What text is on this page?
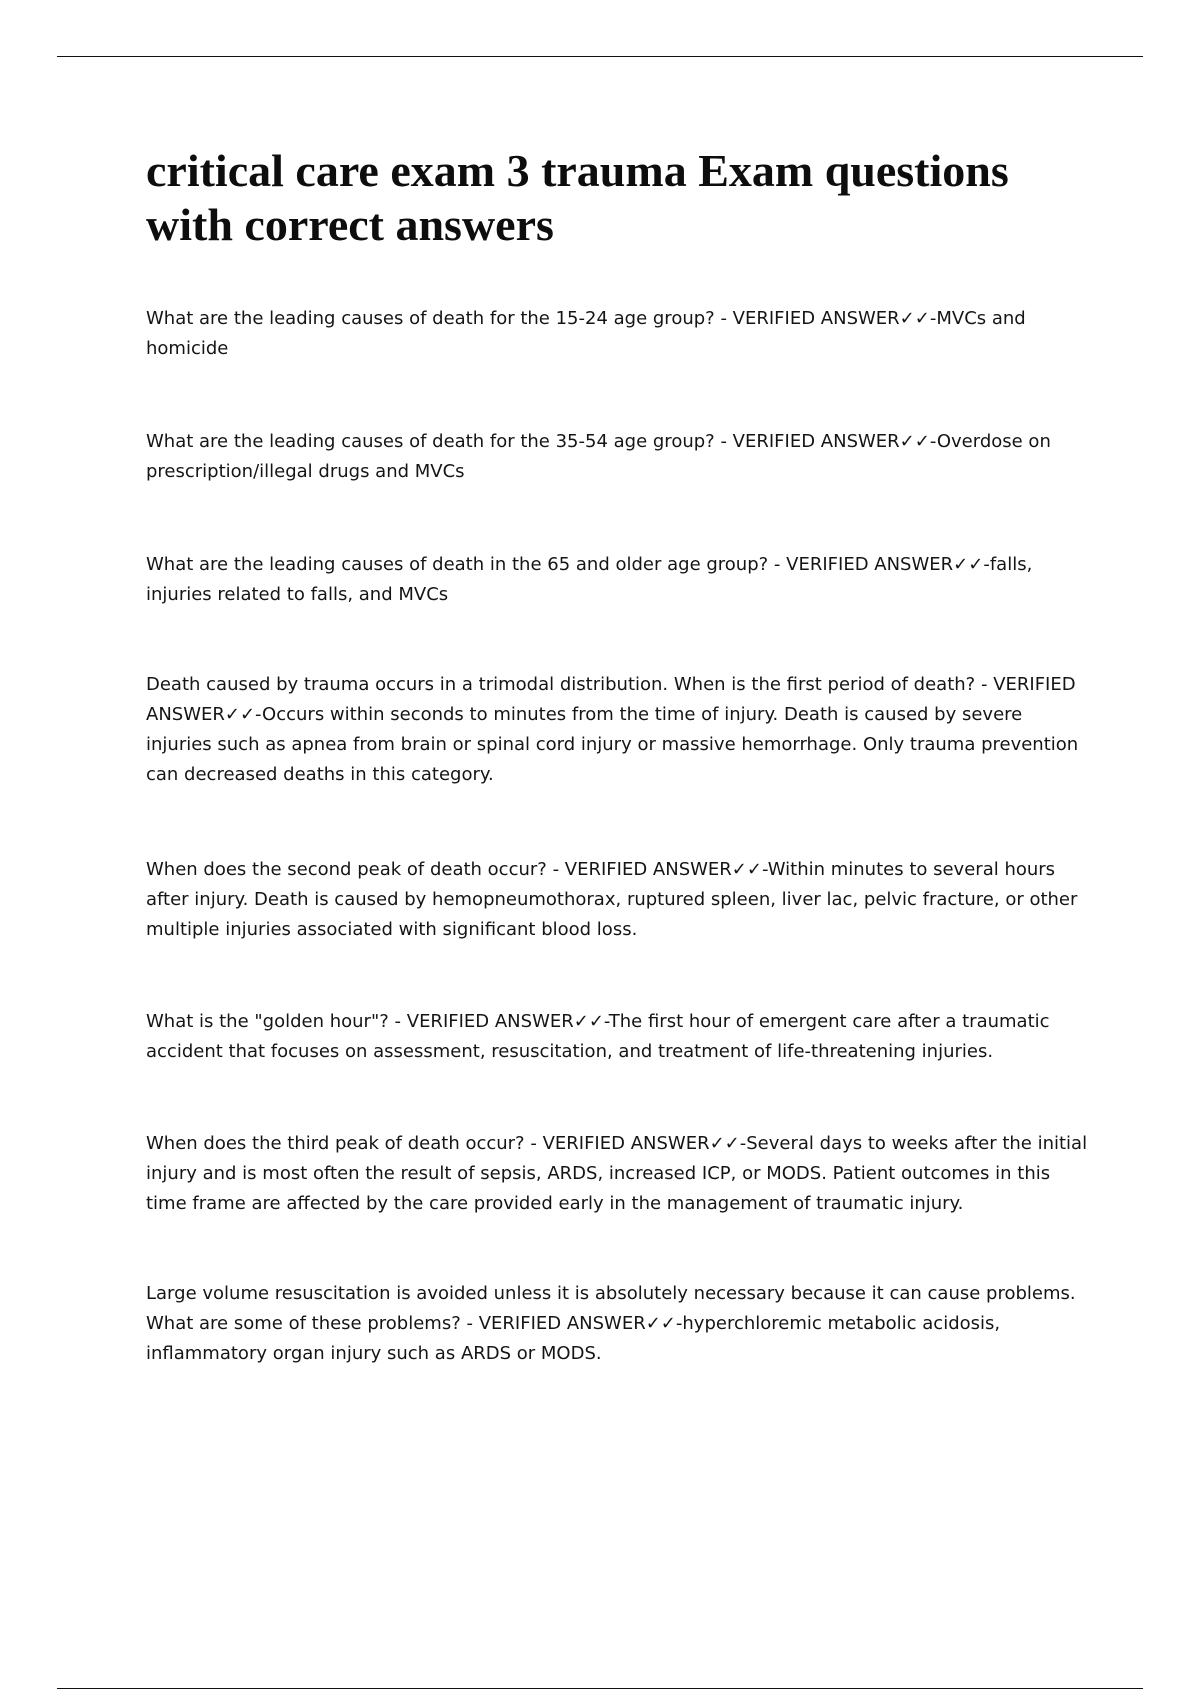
critical care exam 3 trauma Exam questions with correct answers

What are the leading causes of death for the 15-24 age group? - VERIFIED ANSWER✓✓-MVCs and homicide

What are the leading causes of death for the 35-54 age group? - VERIFIED ANSWER✓✓-Overdose on prescription/illegal drugs and MVCs

What are the leading causes of death in the 65 and older age group? - VERIFIED ANSWER✓✓-falls, injuries related to falls, and MVCs

Death caused by trauma occurs in a trimodal distribution. When is the first period of death? - VERIFIED ANSWER✓✓-Occurs within seconds to minutes from the time of injury. Death is caused by severe injuries such as apnea from brain or spinal cord injury or massive hemorrhage. Only trauma prevention can decreased deaths in this category.

When does the second peak of death occur? - VERIFIED ANSWER✓✓-Within minutes to several hours after injury. Death is caused by hemopneumothorax, ruptured spleen, liver lac, pelvic fracture, or other multiple injuries associated with significant blood loss.

What is the "golden hour"? - VERIFIED ANSWER✓✓-The first hour of emergent care after a traumatic accident that focuses on assessment, resuscitation, and treatment of life-threatening injuries.

When does the third peak of death occur? - VERIFIED ANSWER✓✓-Several days to weeks after the initial injury and is most often the result of sepsis, ARDS, increased ICP, or MODS. Patient outcomes in this time frame are affected by the care provided early in the management of traumatic injury.

Large volume resuscitation is avoided unless it is absolutely necessary because it can cause problems. What are some of these problems? - VERIFIED ANSWER✓✓-hyperchloremic metabolic acidosis, inflammatory organ injury such as ARDS or MODS.
